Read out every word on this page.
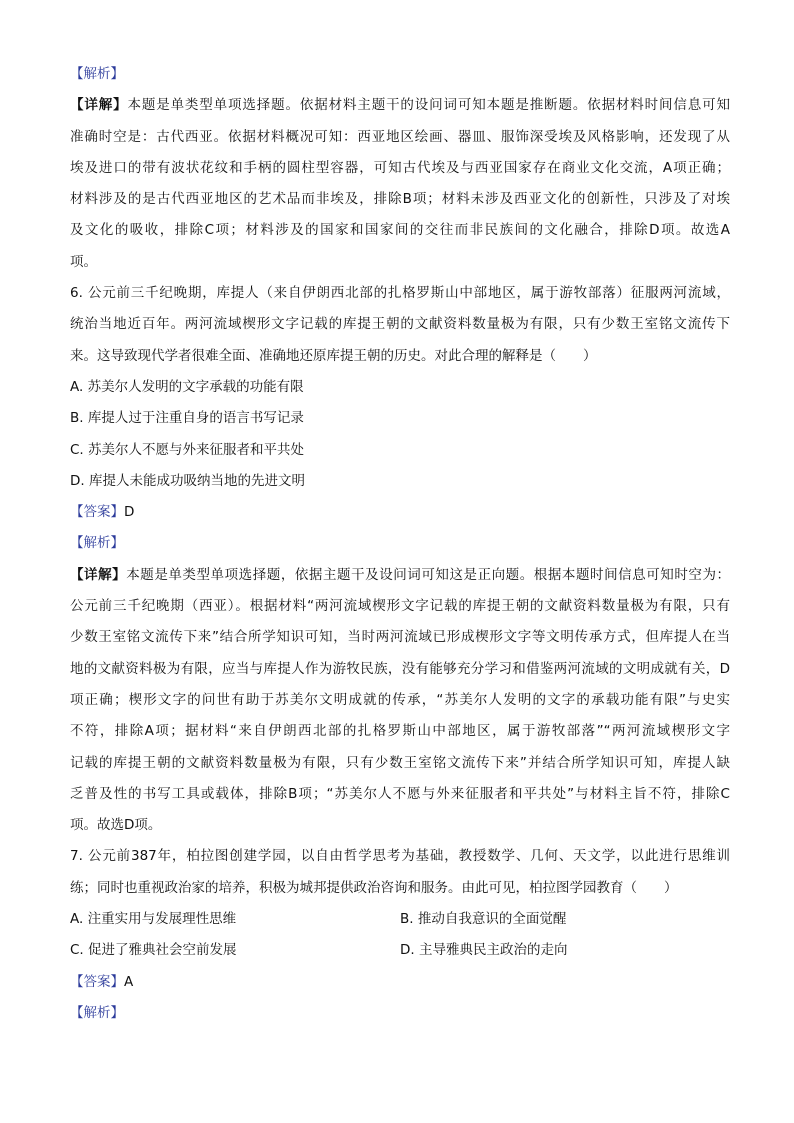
【解析】
【详解】本题是单类型单项选择题。依据材料主题干的设问词可知本题是推断题。依据材料时间信息可知
准确时空是：古代西亚。依据材料概况可知：西亚地区绘画、器皿、服饰深受埃及风格影响，还发现了从
埃及进口的带有波状花纹和手柄的圆柱型容器，可知古代埃及与西亚国家存在商业文化交流，A项正确；
材料涉及的是古代西亚地区的艺术品而非埃及，排除B项；材料未涉及西亚文化的创新性，只涉及了对埃
及文化的吸收，排除C项；材料涉及的国家和国家间的交往而非民族间的文化融合，排除D项。故选A
项。
6. 公元前三千纪晚期，库提人（来自伊朗西北部的扎格罗斯山中部地区，属于游牧部落）征服两河流域，
统治当地近百年。两河流域楔形文字记载的库提王朝的文献资料数量极为有限，只有少数王室铭文流传下
来。这导致现代学者很难全面、准确地还原库提王朝的历史。对此合理的解释是（　　）
A. 苏美尔人发明的文字承载的功能有限
B. 库提人过于注重自身的语言书写记录
C. 苏美尔人不愿与外来征服者和平共处
D. 库提人未能成功吸纳当地的先进文明
【答案】D
【解析】
【详解】本题是单类型单项选择题，依据主题干及设问词可知这是正向题。根据本题时间信息可知时空为：
公元前三千纪晚期（西亚）。根据材料“两河流域楔形文字记载的库提王朝的文献资料数量极为有限，只有
少数王室铭文流传下来”结合所学知识可知，当时两河流域已形成楔形文字等文明传承方式，但库提人在当
地的文献资料极为有限，应当与库提人作为游牧民族，没有能够充分学习和借鉴两河流域的文明成就有关，D
项正确；楔形文字的问世有助于苏美尔文明成就的传承，“苏美尔人发明的文字的承载功能有限”与史实
不符，排除A项；据材料“来自伊朗西北部的扎格罗斯山中部地区，属于游牧部落”“两河流域楔形文字
记载的库提王朝的文献资料数量极为有限，只有少数王室铭文流传下来”并结合所学知识可知，库提人缺
乏普及性的书写工具或载体，排除B项；“苏美尔人不愿与外来征服者和平共处”与材料主旨不符，排除C
项。故选D项。
7. 公元前387年，柏拉图创建学园，以自由哲学思考为基础，教授数学、几何、天文学，以此进行思维训
练；同时也重视政治家的培养，积极为城邦提供政治咨询和服务。由此可见，柏拉图学园教育（　　）
A. 注重实用与发展理性思维	B. 推动自我意识的全面觉醒
C. 促进了雅典社会空前发展	D. 主导雅典民主政治的走向
【答案】A
【解析】
